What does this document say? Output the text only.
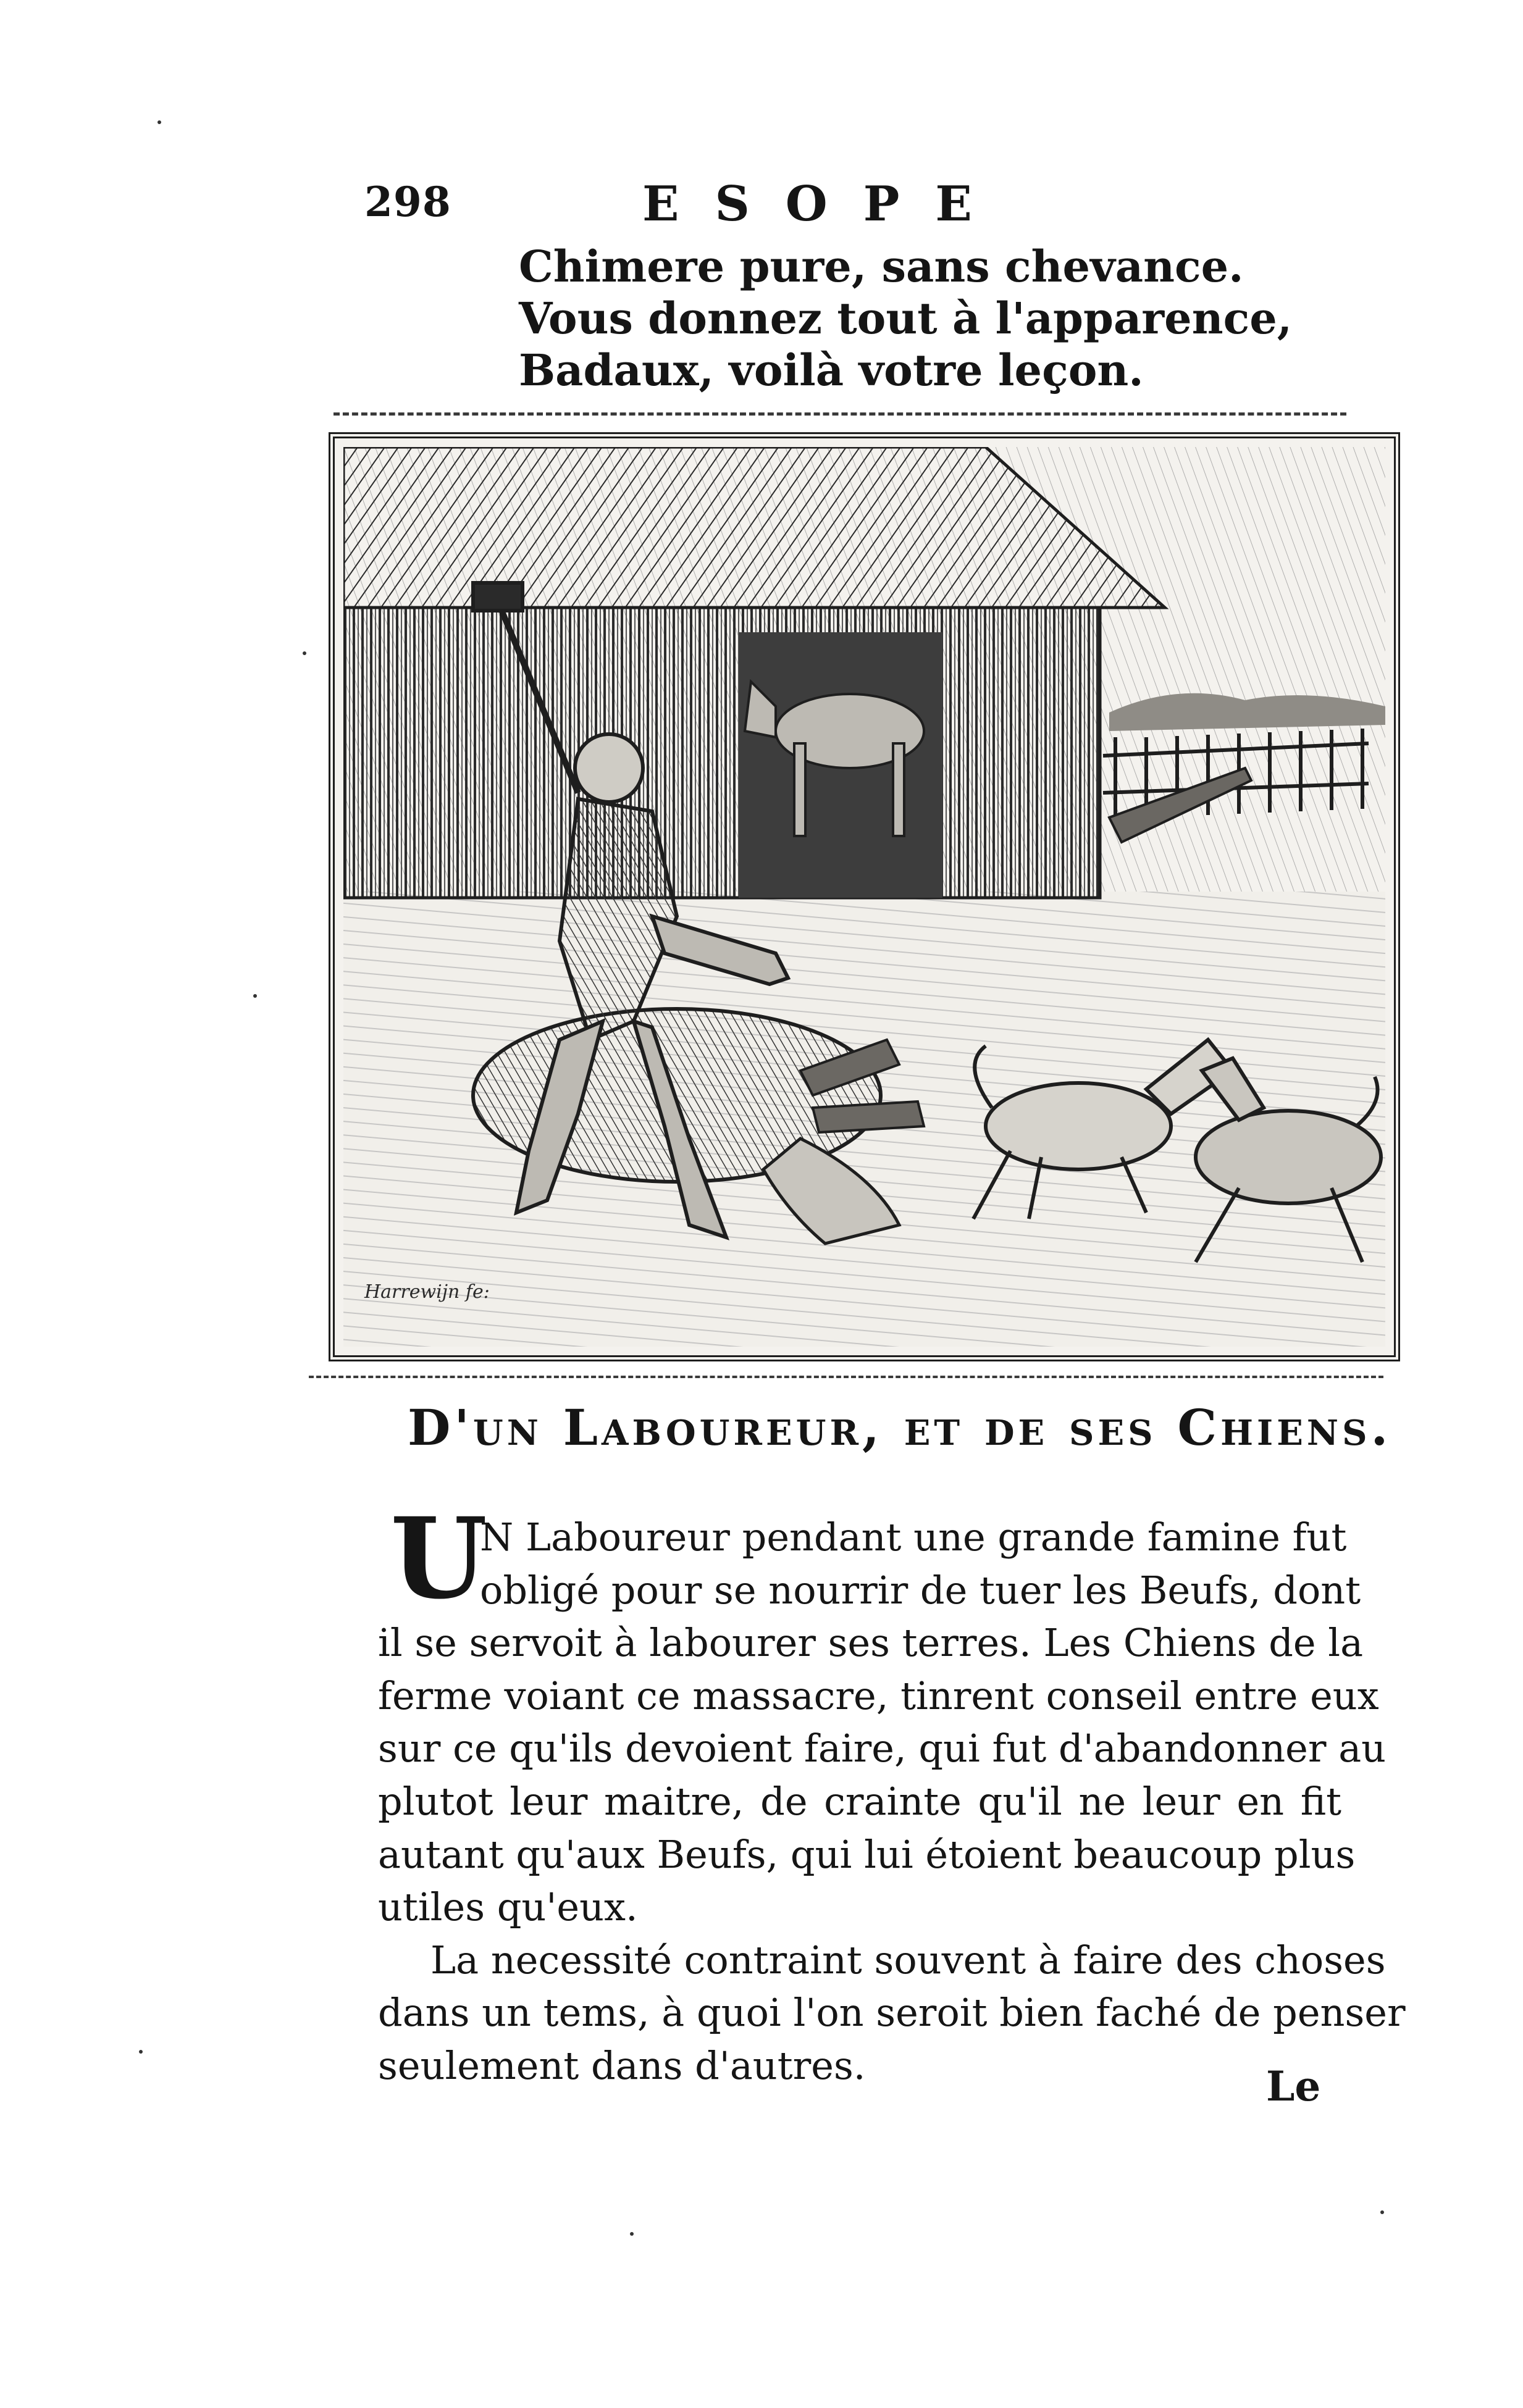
298	ESOPE
Chimere pure, sans chevance.
Vous donnez tout à l'apparence,
Badaux, voilà votre leçon.
Harrewijn fe:
D'un Laboureur, et de ses Chiens.
U
N Laboureur pendant une grande famine fut
obligé pour se nourrir de tuer les Beufs, dont
il se servoit à labourer ses terres. Les Chiens de la
ferme voiant ce massacre, tinrent conseil entre eux
sur ce qu'ils devoient faire, qui fut d'abandonner au
plutot leur maitre, de crainte qu'il ne leur en fit
autant qu'aux Beufs, qui lui étoient beaucoup plus
utiles qu'eux.
La necessité contraint souvent à faire des choses
dans un tems, à quoi l'on seroit bien faché de penser
seulement dans d'autres.	Le
